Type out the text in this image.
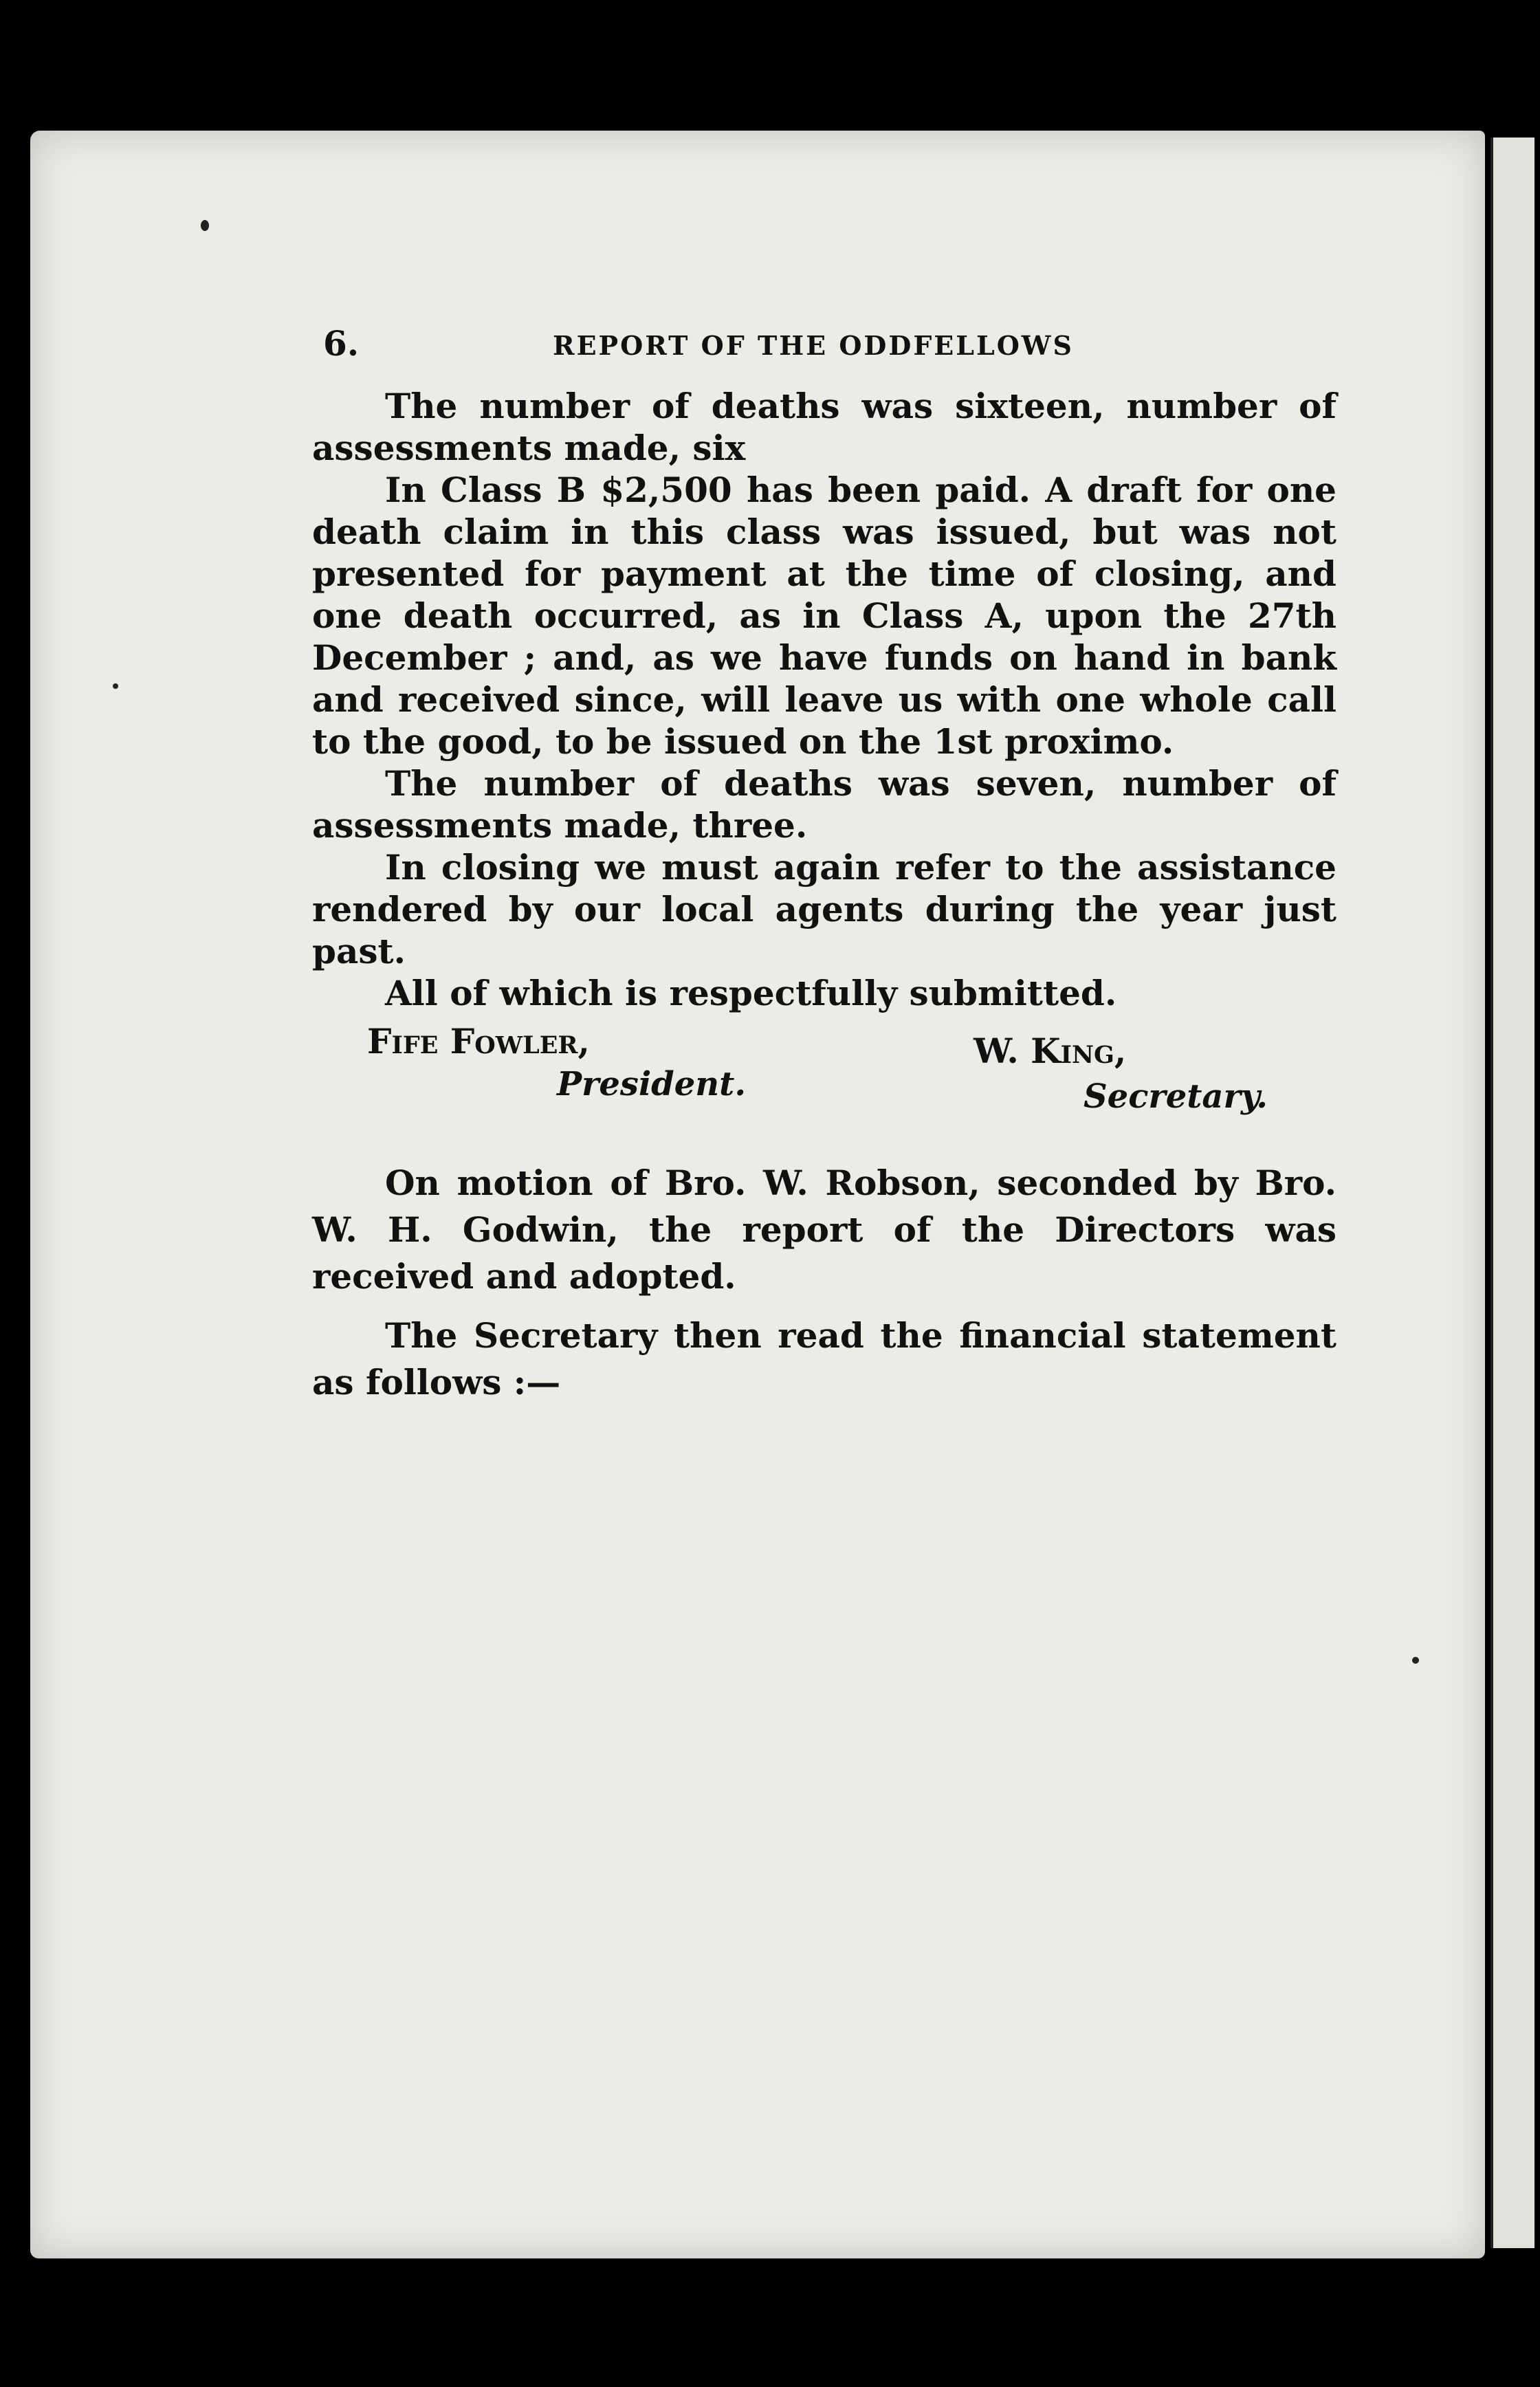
6.	REPORT OF THE ODDFELLOWS

The number of deaths was sixteen, number of assessments made, six

In Class B $2,500 has been paid. A draft for one death claim in this class was issued, but was not presented for payment at the time of closing, and one death occurred, as in Class A, upon the 27th December ; and, as we have funds on hand in bank and received since, will leave us with one whole call to the good, to be issued on the 1st proximo.

The number of deaths was seven, number of assessments made, three.

In closing we must again refer to the assistance rendered by our local agents during the year just past.

All of which is respectfully submitted.

Fife Fowler,
President.
W. King,
Secretary.

On motion of Bro. W. Robson, seconded by Bro. W. H. Godwin, the report of the Directors was received and adopted.

The Secretary then read the financial statement as follows :—
